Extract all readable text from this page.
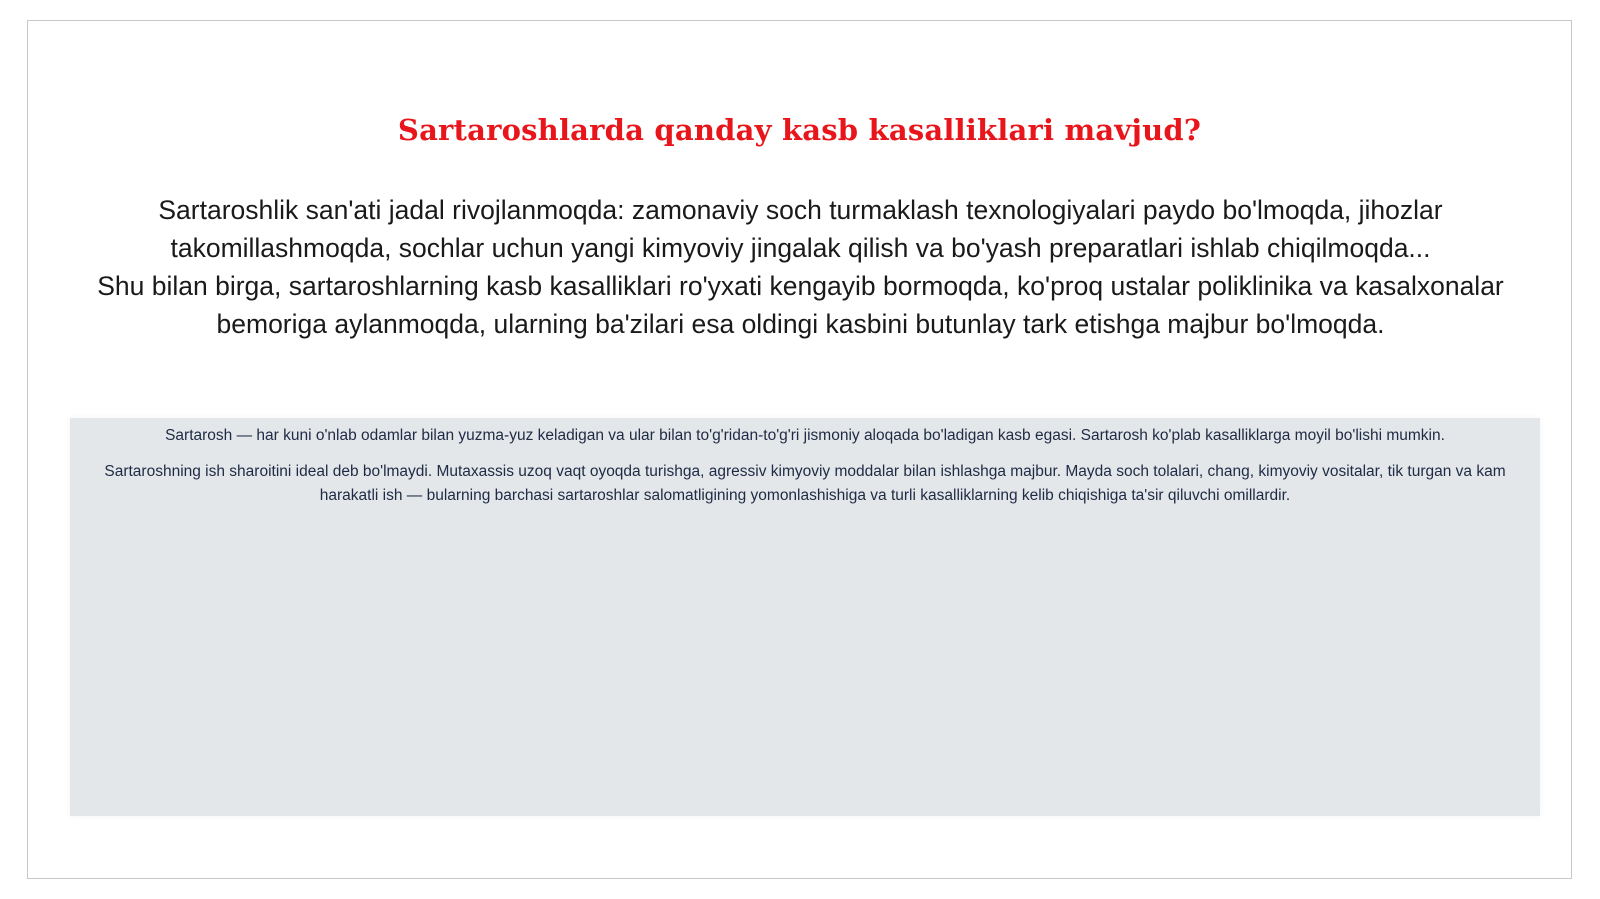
Sartaroshlarda qanday kasb kasalliklari mavjud?

Sartaroshlik san'ati jadal rivojlanmoqda: zamonaviy soch turmaklash texnologiyalari paydo bo'lmoqda, jihozlar takomillashmoqda, sochlar uchun yangi kimyoviy jingalak qilish va bo'yash preparatlari ishlab chiqilmoqda...

Shu bilan birga, sartaroshlarning kasb kasalliklari ro'yxati kengayib bormoqda, ko'proq ustalar poliklinika va kasalxonalar bemoriga aylanmoqda, ularning ba'zilari esa oldingi kasbini butunlay tark etishga majbur bo'lmoqda.

Sartarosh — har kuni o'nlab odamlar bilan yuzma-yuz keladigan va ular bilan to'g'ridan-to'g'ri jismoniy aloqada bo'ladigan kasb egasi. Sartarosh ko'plab kasalliklarga moyil bo'lishi mumkin.

Sartaroshning ish sharoitini ideal deb bo'lmaydi. Mutaxassis uzoq vaqt oyoqda turishga, agressiv kimyoviy moddalar bilan ishlashga majbur. Mayda soch tolalari, chang, kimyoviy vositalar, tik turgan va kam harakatli ish — bularning barchasi sartaroshlar salomatligining yomonlashishiga va turli kasalliklarning kelib chiqishiga ta'sir qiluvchi omillardir.
